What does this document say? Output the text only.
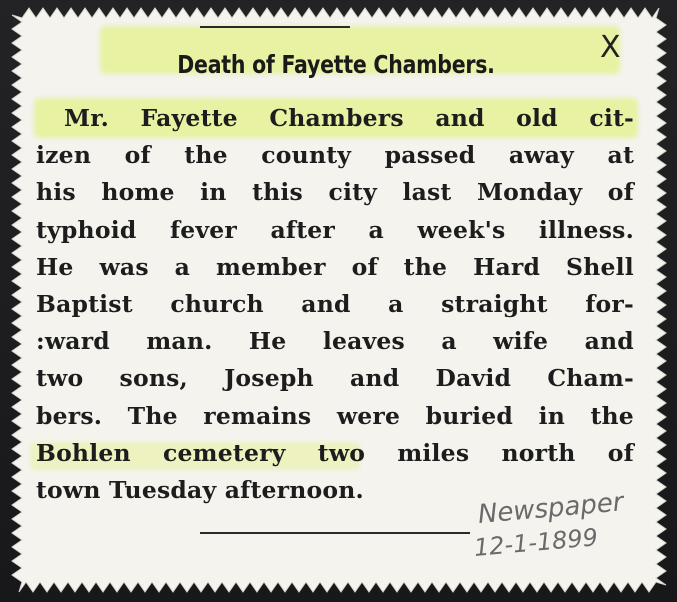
X
Death of Fayette Chambers.
Mr. Fayette Chambers and old cit-
izen of the county passed away at
his home in this city last Monday of
typhoid fever after a week's illness.
He was a member of the Hard Shell
Baptist church and a straight for-
:ward man. He leaves a wife and
two sons, Joseph and David Cham-
bers. The remains were buried in the
Bohlen cemetery two miles north of
town Tuesday afternoon.	Newspaper
12-1-1899
